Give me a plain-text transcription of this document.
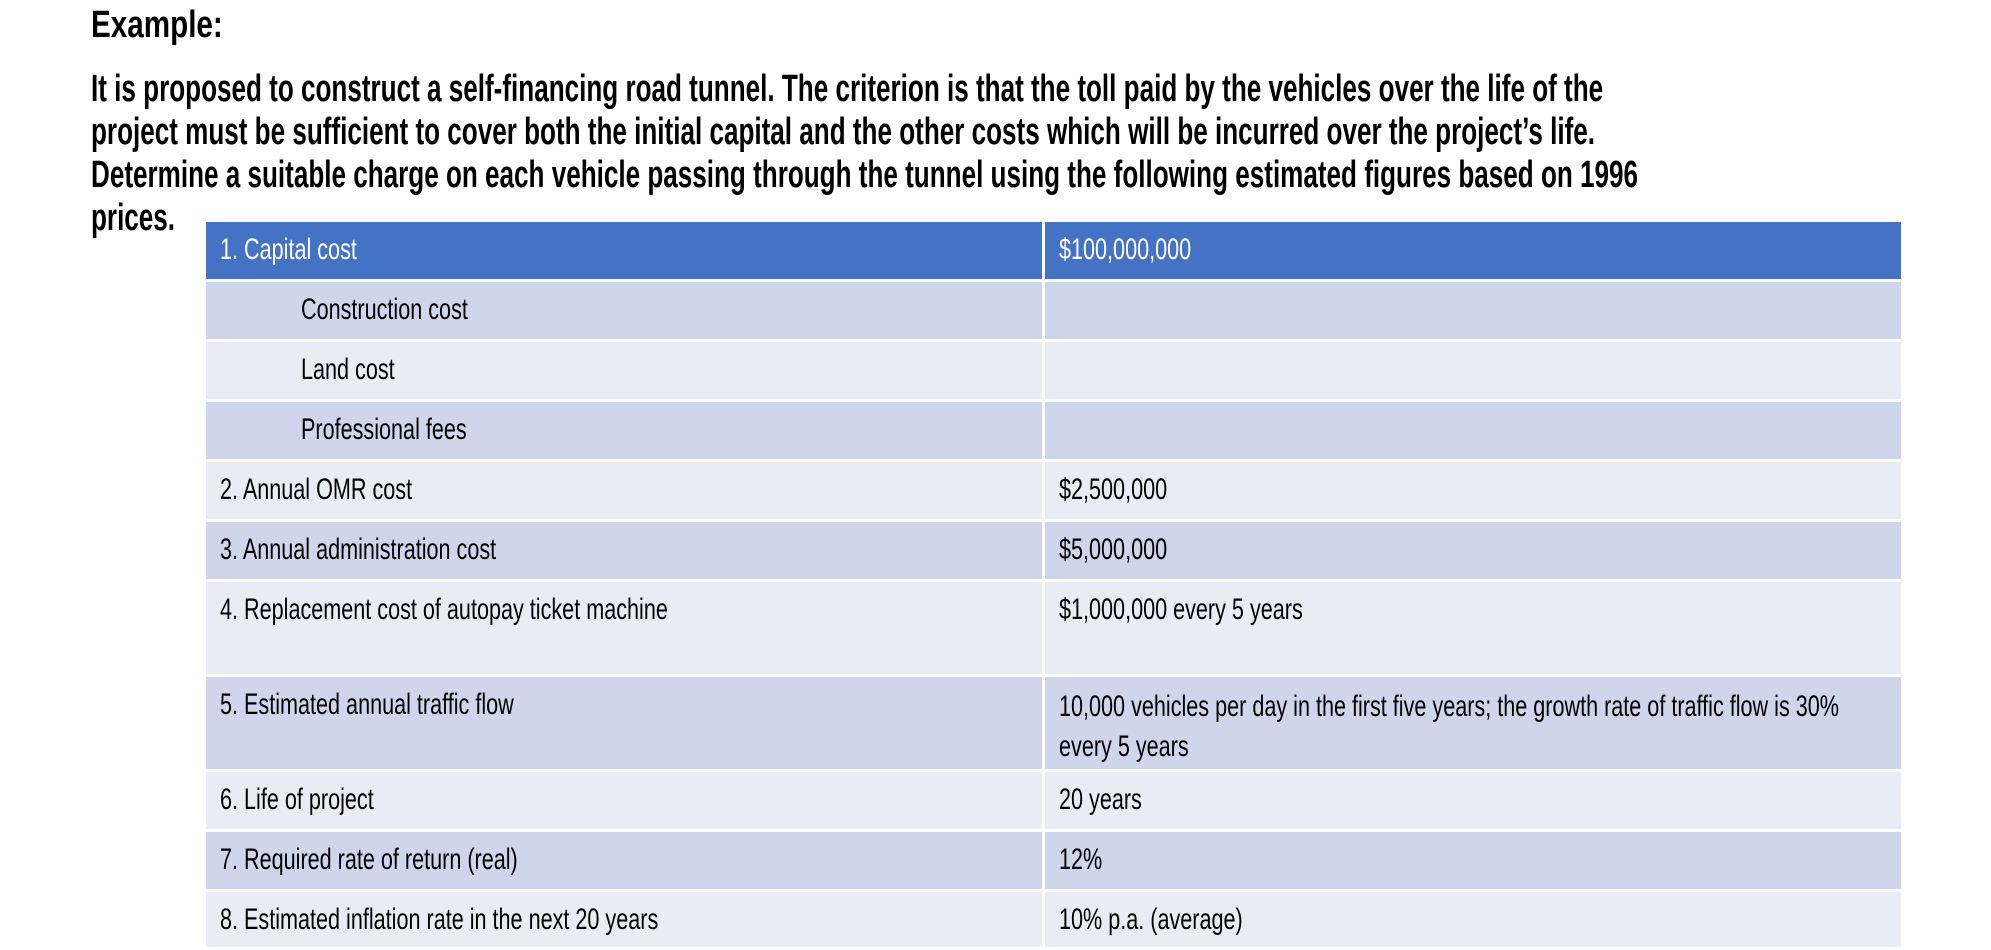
Example:

It is proposed to construct a self-financing road tunnel. The criterion is that the toll paid by the vehicles over the life of the
project must be sufficient to cover both the initial capital and the other costs which will be incurred over the project’s life.
Determine a suitable charge on each vehicle passing through the tunnel using the following estimated figures based on 1996
prices.

1. Capital cost	$100,000,000

Construction cost	

Land cost	

Professional fees	

2. Annual OMR cost	$2,500,000

3. Annual administration cost	$5,000,000

4. Replacement cost of autopay ticket machine	$1,000,000 every 5 years

5. Estimated annual traffic flow	10,000 vehicles per day in the first five years; the growth rate of traffic flow is 30% every 5 years

6. Life of project	20 years

7. Required rate of return (real)	12%

8. Estimated inflation rate in the next 20 years	10% p.a. (average)
